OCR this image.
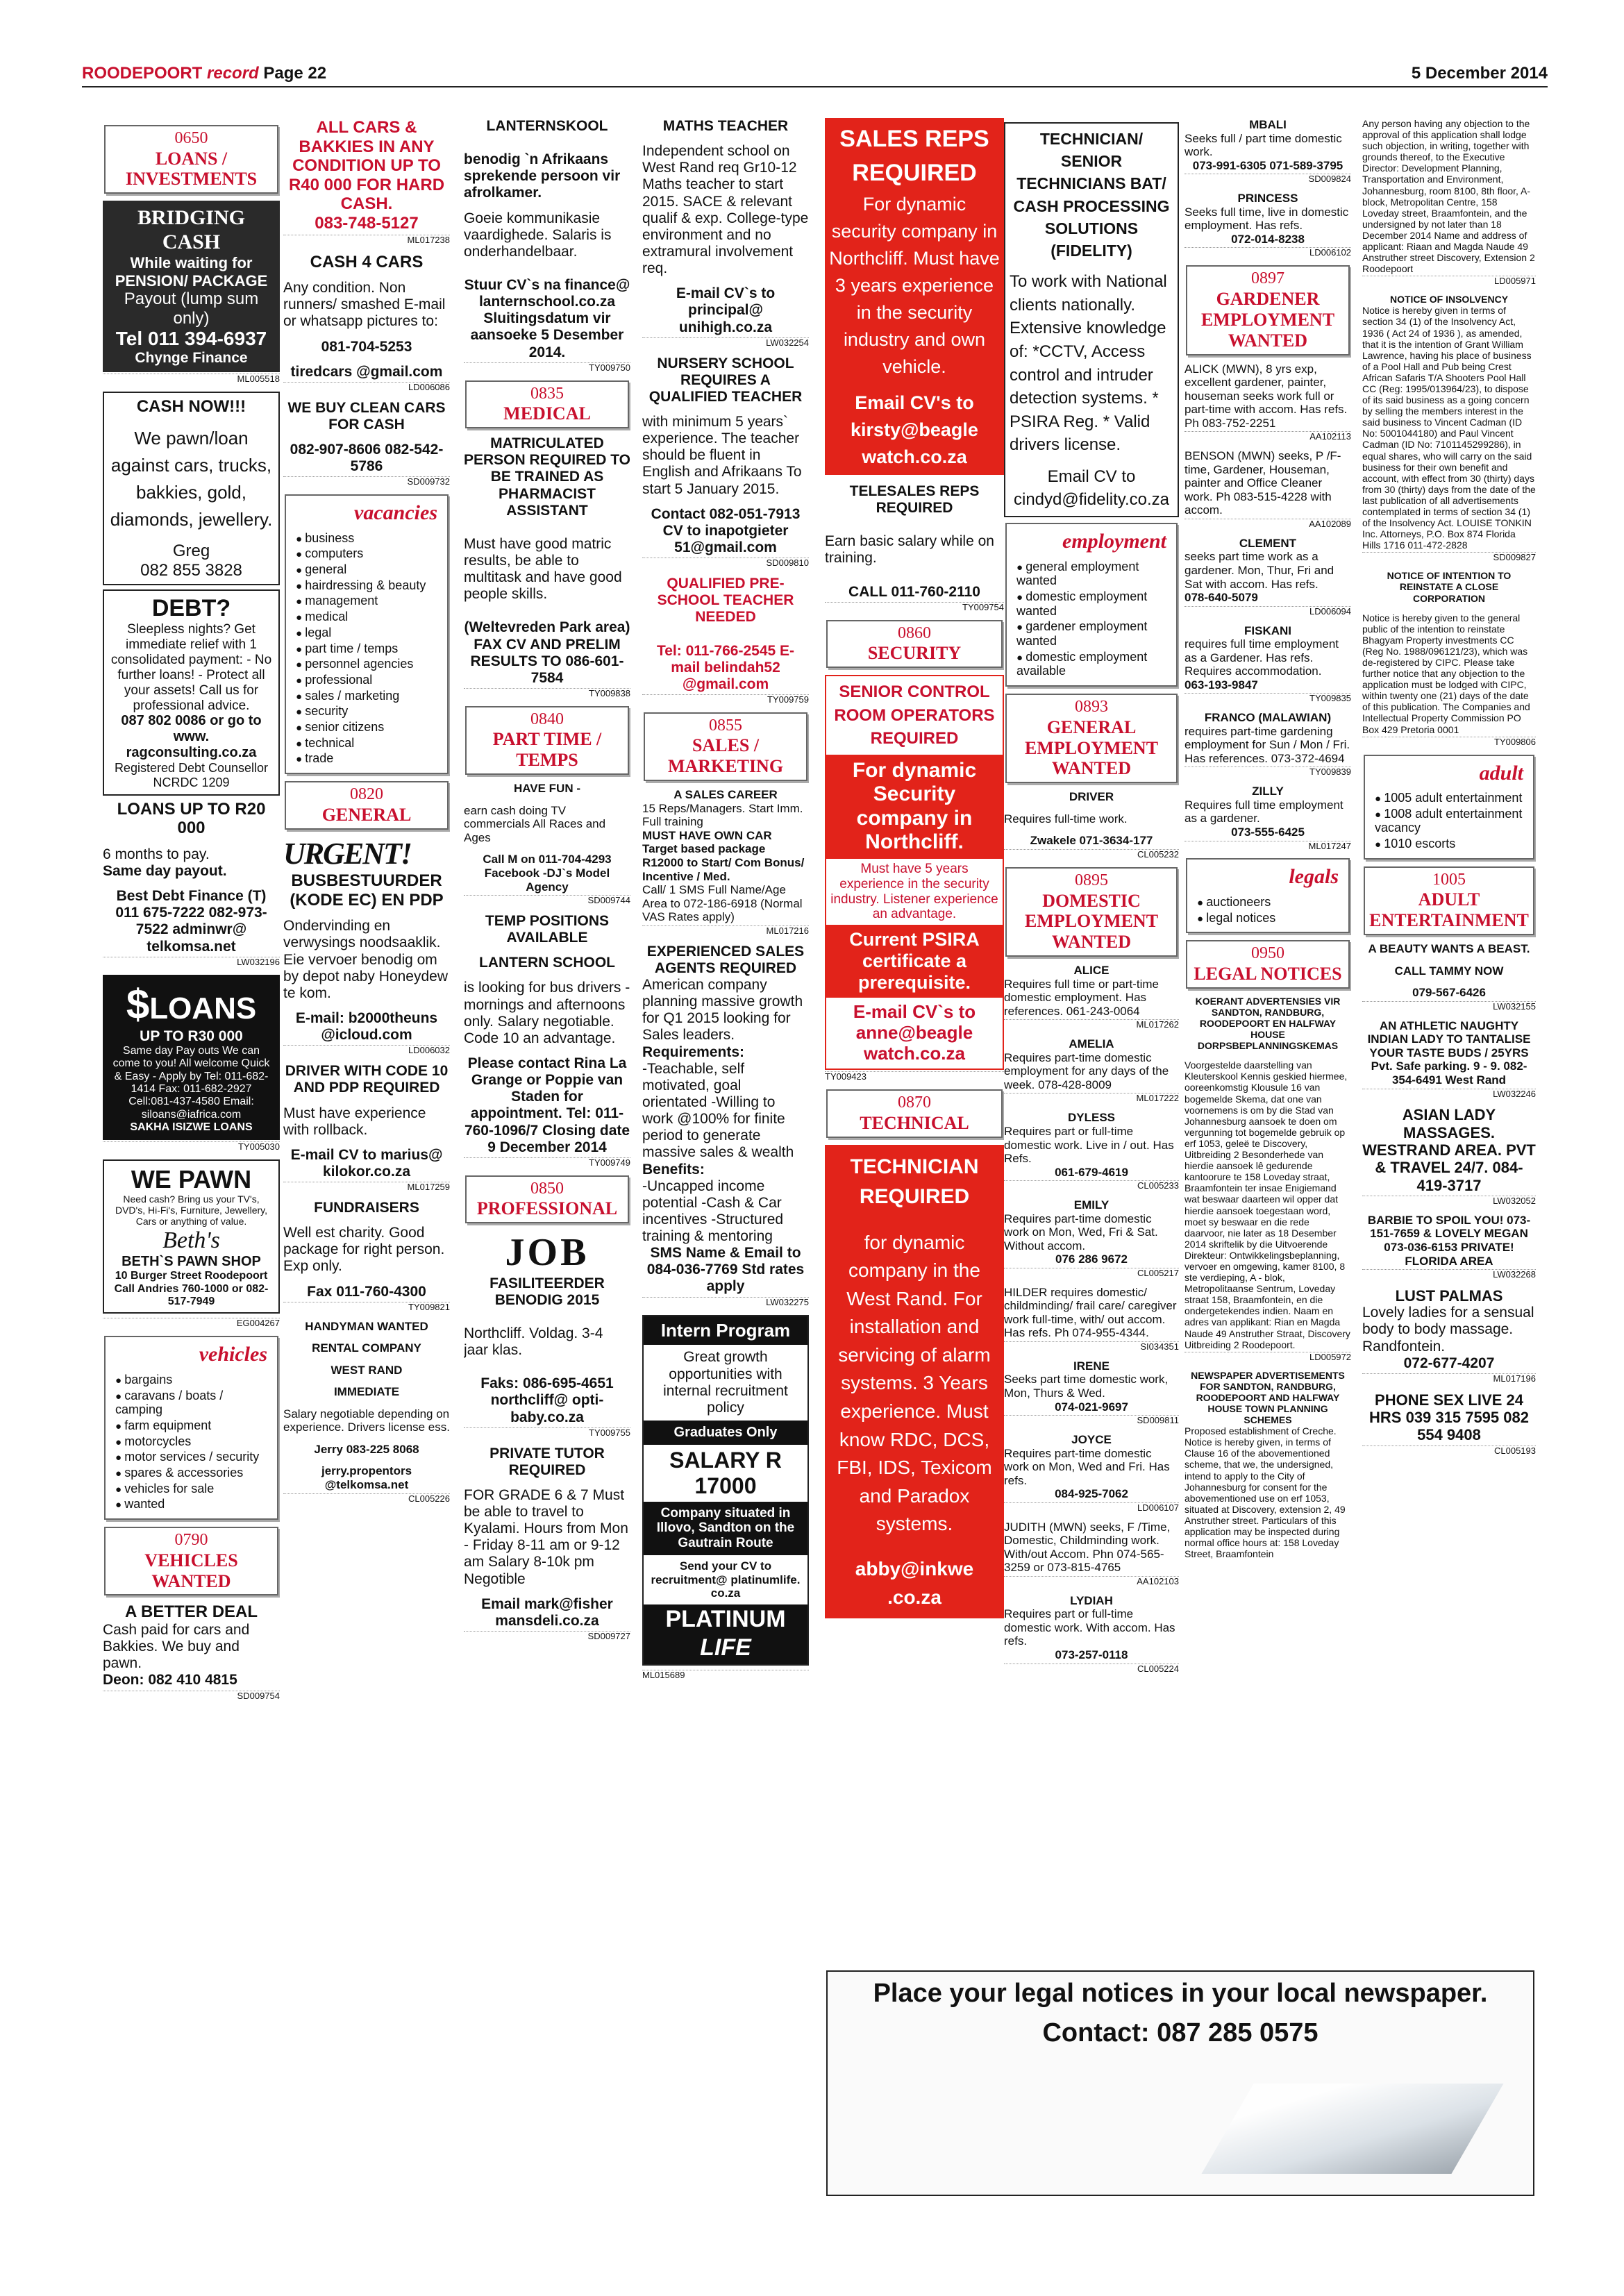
ROODEPOORT record Page 22	5 December 2014
0650
LOANS / INVESTMENTS
BRIDGING CASH
While waiting for PENSION/ PACKAGE
Payout (lump sum only)
Tel 011 394-6937
Chynge Finance
ML005518
CASH NOW!!!
We pawn/loan against cars, trucks, bakkies, gold, diamonds, jewellery.
Greg
082 855 3828
DEBT?
Sleepless nights? Get immediate relief with 1 consolidated payment: - No further loans! - Protect all your assets! Call us for professional advice.
087 802 0086 or go to www. ragconsulting.co.za
Registered Debt Counsellor NCRDC 1209
LOANS UP TO R20 000
6 months to pay.
Same day payout.
Best Debt Finance (T) 011 675-7222 082-973-7522 adminwr@ telkomsa.net
LW032196
$LOANS
UP TO R30 000
Same day Pay outs We can come to you! All welcome Quick & Easy - Apply by Tel: 011-682-1414 Fax: 011-682-2927 Cell:081-437-4580 Email: siloans@iafrica.com
SAKHA ISIZWE LOANS
TY005030
WE PAWN
Need cash? Bring us your TV's, DVD's, Hi-Fi's, Furniture, Jewellery, Cars or anything of value.
Beth's
BETH`S PAWN SHOP
10 Burger Street Roodepoort Call Andries 760-1000 or 082-517-7949
EG004267
vehicles
● bargains
● caravans / boats / camping
● farm equipment
● motorcycles
● motor services / security
● spares & accessories
● vehicles for sale
● wanted
0790
VEHICLES WANTED
A BETTER DEAL
Cash paid for cars and Bakkies. We buy and pawn.
Deon: 082 410 4815
SD009754
ALL CARS & BAKKIES IN ANY CONDITION UP TO R40 000 FOR HARD CASH.
083-748-5127
ML017238
CASH 4 CARS
Any condition. Non runners/ smashed E-mail or whatsapp pictures to:
081-704-5253
tiredcars @gmail.com
LD006086
WE BUY CLEAN CARS FOR CASH
082-907-8606 082-542-5786
SD009732
vacancies
● business
● computers
● general
● hairdressing & beauty
● management
● medical
● legal
● part time / temps
● personnel agencies
● professional
● sales / marketing
● security
● senior citizens
● technical
● trade
0820
GENERAL
URGENT!
BUSBESTUURDER (KODE EC) EN PDP
Ondervinding en verwysings noodsaaklik. Eie vervoer benodig om by depot naby Honeydew te kom.
E-mail: b2000theuns @icloud.com
LD006032
DRIVER WITH CODE 10 AND PDP REQUIRED
Must have experience with rollback.
E-mail CV to marius@ kilokor.co.za
ML017259
FUNDRAISERS
Well est charity. Good package for right person. Exp only.
Fax 011-760-4300
TY009821
HANDYMAN WANTED
RENTAL COMPANY
WEST RAND
IMMEDIATE
Salary negotiable depending on experience. Drivers license ess.
Jerry 083-225 8068
jerry.propentors @telkomsa.net
CL005226
LANTERNSKOOL
benodig `n Afrikaans sprekende persoon vir afrolkamer.
Goeie kommunikasie vaardighede. Salaris is onderhandelbaar.
Stuur CV`s na finance@ lanternschool.co.za Sluitingsdatum vir aansoeke 5 Desember 2014.
TY009750
0835
MEDICAL
MATRICULATED PERSON REQUIRED TO BE TRAINED AS PHARMACIST ASSISTANT
Must have good matric results, be able to multitask and have good people skills.
(Weltevreden Park area) FAX CV AND PRELIM RESULTS TO 086-601-7584
TY009838
0840
PART TIME / TEMPS
HAVE FUN -
earn cash doing TV commercials All Races and Ages
Call M on 011-704-4293 Facebook -DJ`s Model Agency
SD009744
TEMP POSITIONS AVAILABLE
LANTERN SCHOOL
is looking for bus drivers - mornings and afternoons only. Salary negotiable. Code 10 an advantage.
Please contact Rina La Grange or Poppie van Staden for appointment. Tel: 011-760-1096/7 Closing date 9 December 2014
TY009749
0850
PROFESSIONAL
JOB
FASILITEERDER BENODIG 2015
Northcliff. Voldag. 3-4 jaar klas.
Faks: 086-695-4651 northcliff@ opti-baby.co.za
TY009755
PRIVATE TUTOR REQUIRED
FOR GRADE 6 & 7 Must be able to travel to Kyalami. Hours from Mon - Friday 8-11 am or 9-12 am Salary 8-10k pm Negotible
Email mark@fisher mansdeli.co.za
SD009727
MATHS TEACHER
Independent school on West Rand req Gr10-12 Maths teacher to start 2015. SACE & relevant qualif & exp. College-type environment and no extramural involvement req.
E-mail CV`s to principal@ unihigh.co.za
LW032254
NURSERY SCHOOL REQUIRES A QUALIFIED TEACHER
with minimum 5 years` experience. The teacher should be fluent in English and Afrikaans To start 5 January 2015.
Contact 082-051-7913 CV to inapotgieter 51@gmail.com
SD009810
QUALIFIED PRE-SCHOOL TEACHER NEEDED
Tel: 011-766-2545 E-mail belindah52 @gmail.com
TY009759
0855
SALES / MARKETING
A SALES CAREER
15 Reps/Managers. Start Imm. Full training
MUST HAVE OWN CAR Target based package R12000 to Start/ Com Bonus/ Incentive / Med.
Call/ 1 SMS Full Name/Age Area to 072-186-6918 (Normal VAS Rates apply)
ML017216
EXPERIENCED SALES AGENTS REQUIRED
American company planning massive growth for Q1 2015 looking for Sales leaders.
Requirements:
-Teachable, self motivated, goal orientated -Willing to work @100% for finite period to generate massive sales & wealth
Benefits:
-Uncapped income potential -Cash & Car incentives -Structured training & mentoring
SMS Name & Email to 084-036-7769 Std rates apply
LW032275
Intern Program
Great growth opportunities with internal recruitment policy
Graduates Only
SALARY R 17000
Company situated in Illovo, Sandton on the Gautrain Route
Send your CV to recruitment@ platinumlife. co.za
PLATINUM
LIFE
ML015689
SALES REPS REQUIRED
For dynamic security company in Northcliff. Must have 3 years experience in the security industry and own vehicle.
Email CV's to kirsty@beagle watch.co.za
TELESALES REPS REQUIRED
Earn basic salary while on training.
CALL 011-760-2110
TY009754
0860
SECURITY
SENIOR CONTROL ROOM OPERATORS REQUIRED
For dynamic Security company in Northcliff.
Must have 5 years experience in the security industry. Listener experience an advantage.
Current PSIRA certificate a prerequisite.
E-mail CV`s to anne@beagle watch.co.za
TY009423
0870
TECHNICAL
TECHNICIAN REQUIRED
for dynamic company in the West Rand. For installation and servicing of alarm systems. 3 Years experience. Must know RDC, DCS, FBI, IDS, Texicom and Paradox systems.
abby@inkwe .co.za
TECHNICIAN/ SENIOR TECHNICIANS BAT/ CASH PROCESSING SOLUTIONS (FIDELITY)
To work with National clients nationally. Extensive knowledge of: *CCTV, Access control and intruder detection systems. * PSIRA Reg. * Valid drivers license.
Email CV to cindyd@fidelity.co.za
employment
● general employment wanted
● domestic employment wanted
● gardener employment wanted
● domestic employment available
0893
GENERAL EMPLOYMENT WANTED
DRIVER
Requires full-time work.
Zwakele 071-3634-177
CL005232
0895
DOMESTIC EMPLOYMENT WANTED
ALICE
Requires full time or part-time domestic employment. Has references. 061-243-0064
ML017262
AMELIA
Requires part-time domestic employment for any days of the week. 078-428-8009
ML017222
DYLESS
Requires part or full-time domestic work. Live in / out. Has Refs.
061-679-4619
CL005233
EMILY
Requires part-time domestic work on Mon, Wed, Fri & Sat. Without accom.
076 286 9672
CL005217
HILDER requires domestic/ childminding/ frail care/ caregiver work full-time, with/ out accom. Has refs. Ph 074-955-4344.
SI034351
IRENE
Seeks part time domestic work, Mon, Thurs & Wed.
074-021-9697
SD009811
JOYCE
Requires part-time domestic work on Mon, Wed and Fri. Has refs.
084-925-7062
LD006107
JUDITH (MWN) seeks, F /Time, Domestic, Childminding work. With/out Accom. Phn 074-565-3259 or 073-815-4765
AA102103
LYDIAH
Requires part or full-time domestic work. With accom. Has refs.
073-257-0118
CL005224
MBALI
Seeks full / part time domestic work.
073-991-6305 071-589-3795
SD009824
PRINCESS
Seeks full time, live in domestic employment. Has refs.
072-014-8238
LD006102
0897
GARDENER EMPLOYMENT WANTED
ALICK (MWN), 8 yrs exp, excellent gardener, painter, houseman seeks work full or part-time with accom. Has refs. Ph 083-752-2251
AA102113
BENSON (MWN) seeks, P /F-time, Gardener, Houseman, painter and Office Cleaner work. Ph 083-515-4228 with accom.
AA102089
CLEMENT
seeks part time work as a gardener. Mon, Thur, Fri and Sat with accom. Has refs.
078-640-5079
LD006094
FISKANI
requires full time employment as a Gardener. Has refs. Requires accommodation.
063-193-9847
TY009835
FRANCO (MALAWIAN)
requires part-time gardening employment for Sun / Mon / Fri. Has references. 073-372-4694
TY009839
ZILLY
Requires full time employment as a gardener.
073-555-6425
ML017247
legals
● auctioneers
● legal notices
0950
LEGAL NOTICES
KOERANT ADVERTENSIES VIR SANDTON, RANDBURG, ROODEPOORT EN HALFWAY HOUSE DORPSBEPLANNINGSKEMAS
Voorgestelde daarstelling van Kleuterskool Kennis geskied hiermee, ooreenkomstig Klousule 16 van bogemelde Skema, dat one van voornemens is om by die Stad van Johannesburg aansoek te doen om vergunning tot bogemelde gebruik op erf 1053, geleë te Discovery, Uitbreiding 2 Besonderhede van hierdie aansoek lê gedurende kantoorure te 158 Loveday straat, Braamfontein ter insae Enigiemand wat beswaar daarteen wil opper dat hierdie aansoek toegestaan word, moet sy beswaar en die rede daarvoor, nie later as 18 Desember 2014 skriftelik by die Uitvoerende Direkteur: Ontwikkelingsbeplanning, vervoer en omgewing, kamer 8100, 8 ste verdieping, A - blok, Metropolitaanse Sentrum, Loveday straat 158, Braamfontein, en die ondergetekendes indien. Naam en adres van applikant: Rian en Magda Naude 49 Anstruther Straat, Discovery Uitbreiding 2 Roodepoort.
LD005972
NEWSPAPER ADVERTISEMENTS FOR SANDTON, RANDBURG, ROODEPOORT AND HALFWAY HOUSE TOWN PLANNING SCHEMES
Proposed establishment of Creche. Notice is hereby given, in terms of Clause 16 of the abovementioned scheme, that we, the undersigned, intend to apply to the City of Johannesburg for consent for the abovementioned use on erf 1053, situated at Discovery, extension 2, 49 Anstruther street. Particulars of this application may be inspected during normal office hours at: 158 Loveday Street, Braamfontein
Any person having any objection to the approval of this application shall lodge such objection, in writing, together with grounds thereof, to the Executive Director: Development Planning, Transportation and Environment, Johannesburg, room 8100, 8th floor, A- block, Metropolitan Centre, 158 Loveday street, Braamfontein, and the undersigned by not later than 18 December 2014 Name and address of applicant: Riaan and Magda Naude 49 Anstruther street Discovery, Extension 2 Roodepoort
LD005971
NOTICE OF INSOLVENCY
Notice is hereby given in terms of section 34 (1) of the Insolvency Act, 1936 ( Act 24 of 1936 ), as amended, that it is the intention of Grant William Lawrence, having his place of business of a Pool Hall and Pub being Crest African Safaris T/A Shooters Pool Hall CC (Reg: 1995/013964/23), to dispose of its said business as a going concern by selling the members interest in the said business to Vincent Cadman (ID No: 5001044180) and Paul Vincent Cadman (ID No: 7101145299286), in equal shares, who will carry on the said business for their own benefit and account, with effect from 30 (thirty) days from 30 (thirty) days from the date of the last publication of all advertisements contemplated in terms of section 34 (1) of the Insolvency Act. LOUISE TONKIN Inc. Attorneys, P.O. Box 874 Florida Hills 1716 011-472-2828
SD009827
NOTICE OF INTENTION TO REINSTATE A CLOSE CORPORATION
Notice is hereby given to the general public of the intention to reinstate Bhagyam Property investments CC (Reg No. 1988/096121/23), which was de-registered by CIPC. Please take further notice that any objection to the application must be lodged with CIPC, within twenty one (21) days of the date of this publication. The Companies and Intellectual Property Commission PO Box 429 Pretoria 0001
TY009806
adult
● 1005 adult entertainment
● 1008 adult entertainment vacancy
● 1010 escorts
1005
ADULT ENTERTAINMENT
A BEAUTY WANTS A BEAST.
CALL TAMMY NOW
079-567-6426
LW032155
AN ATHLETIC NAUGHTY INDIAN LADY TO TANTALISE YOUR TASTE BUDS / 25YRS Pvt. Safe parking. 9 - 9. 082-354-6491 West Rand
LW032246
ASIAN LADY MASSAGES. WESTRAND AREA. PVT & TRAVEL 24/7. 084-419-3717
LW032052
BARBIE TO SPOIL YOU! 073-151-7659 & LOVELY MEGAN 073-036-6153 PRIVATE! FLORIDA AREA
LW032268
LUST PALMAS
Lovely ladies for a sensual body to body massage. Randfontein.
072-677-4207
ML017196
PHONE SEX LIVE 24 HRS 039 315 7595 082 554 9408
CL005193
Place your legal notices in your local newspaper.
Contact: 087 285 0575
